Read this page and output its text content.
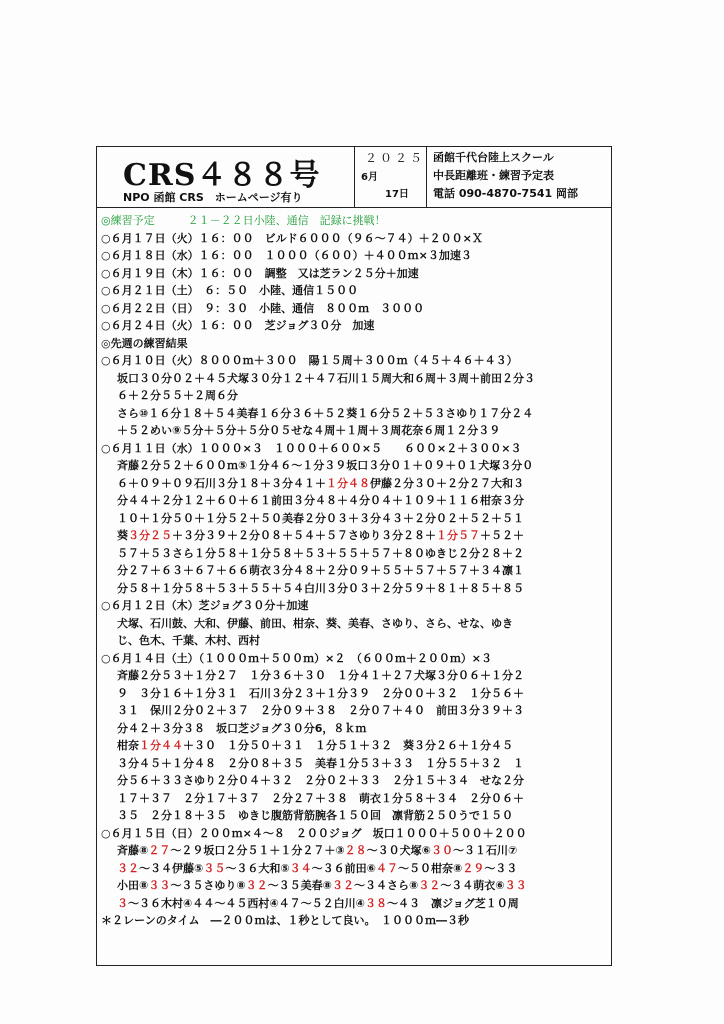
CRS４８８号
NPO 函館 CRS　ホームページ有り
２０２５
6月
17日
函館千代台陸上スクール
中長距離班・練習予定表
電話 090-4870-7541 岡部
◎練習予定　　　２１－２２日小陸、通信　記録に挑戦！
○６月１７日（火）１６：００　ビルド６０００（９６～７４）＋２００×Ｘ
○６月１８日（水）１６：００　１０００（６００）＋４００ｍ×３加速３
○６月１９日（木）１６：００　調整　又は芝ラン２５分＋加速
○６月２１日（土）　６：５０　小陸、通信１５００
○６月２２日（日）　９：３０　小陸、通信　８００ｍ　３０００
○６月２４日（火）１６：００　芝ジョグ３０分　加速
◎先週の練習結果
○６月１０日（火）８０００ｍ＋３００　陽１５周＋３００ｍ（４５＋４６＋４３）
坂口３０分０２＋４５犬塚３０分１２＋４７石川１５周大和６周＋３周＋前田２分３
６＋２分５５＋２周６分
さら⑩１６分１８＋５４美春１６分３６＋５２葵１６分５２＋５３さゆり１７分２４
＋５２めい⑨５分＋５分＋５分０５せな４周＋１周＋３周花奈６周１２分３９
○６月１１日（水）１０００×３　１０００＋６００×５　　６００×２＋３００×３
斉藤２分５２＋６００ｍ⑤１分４６～１分３９坂口３分０１＋０９＋０１犬塚３分０
６＋０９＋０９石川３分１８＋３分４１＋１分４８伊藤２分３０＋２分２７大和３
分４４＋２分１２＋６０＋６１前田３分４８＋４分０４＋１０９＋１１６柑奈３分
１０＋１分５０＋１分５２＋５０美春２分０３＋３分４３＋２分０２＋５２＋５１
葵３分２５＋３分３９＋２分０８＋５４＋５７さゆり３分２８＋１分５７＋５２＋
５７＋５３さら１分５８＋１分５８＋５３＋５５＋５７＋８０ゆきじ２分２８＋２
分２７＋６３＋６７＋６６萌衣３分４８＋２分０９＋５５＋５７＋５７＋３４凛１
分５８＋１分５８＋５３＋５５＋５４白川３分０３＋２分５９＋８１＋８５＋８５
○６月１２日（木）芝ジョグ３０分＋加速
犬塚、石川鼓、大和、伊藤、前田、柑奈、葵、美春、さゆり、さら、せな、ゆき
じ、色木、千葉、木村、西村
○６月１４日（土）（１０００ｍ＋５００ｍ）×２　（６００ｍ＋２００ｍ）×３
斉藤２分５３＋１分２７　１分３６＋３０　１分４１＋２７犬塚３分０６＋１分２
９　３分１６＋１分３１　石川３分２３＋１分３９　２分００＋３２　１分５６＋
３１　保川２分０２＋３７　２分０９＋３８　２分０７＋４０　前田３分３９＋３
分４２＋３分３８　坂口芝ジョグ３０分6，８ｋｍ
柑奈１分４４＋３０　１分５０＋３１　１分５１＋３２　葵３分２６＋１分４５
３分４５＋１分４８　２分０８＋３５　美春１分５３＋３３　１分５５＋３２　１
分５６＋３３さゆり２分０４＋３２　２分０２＋３３　２分１５＋３４　せな２分
１７＋３７　２分１７＋３７　２分２７＋３８　萌衣１分５８＋３４　２分０６＋
３５　２分１８＋３５　ゆきじ腹筋背筋腕各１５０回　凛背筋２５０うで１５０
○６月１５日（日）２００ｍ×４～８　２００ジョグ　坂口１０００＋５００＋２００
斉藤⑧２７～２９坂口２分５１＋１分２７＋③２８～３０犬塚⑥３０～３１石川⑦
３２～３４伊藤⑤３５～３６大和⑤３４～３６前田⑥４７～５０柑奈⑧２９～３３
小田⑧３３～３５さゆり⑧３２～３５美春⑧３２～３４さら⑧３２～３４萌衣⑥３３
３～３６木村④４４～４５西村④４７～５２白川④３８～４３　凛ジョグ芝１０周
＊２レーンのタイム　―２００ｍは、１秒として良い。　１０００ｍ―３秒
